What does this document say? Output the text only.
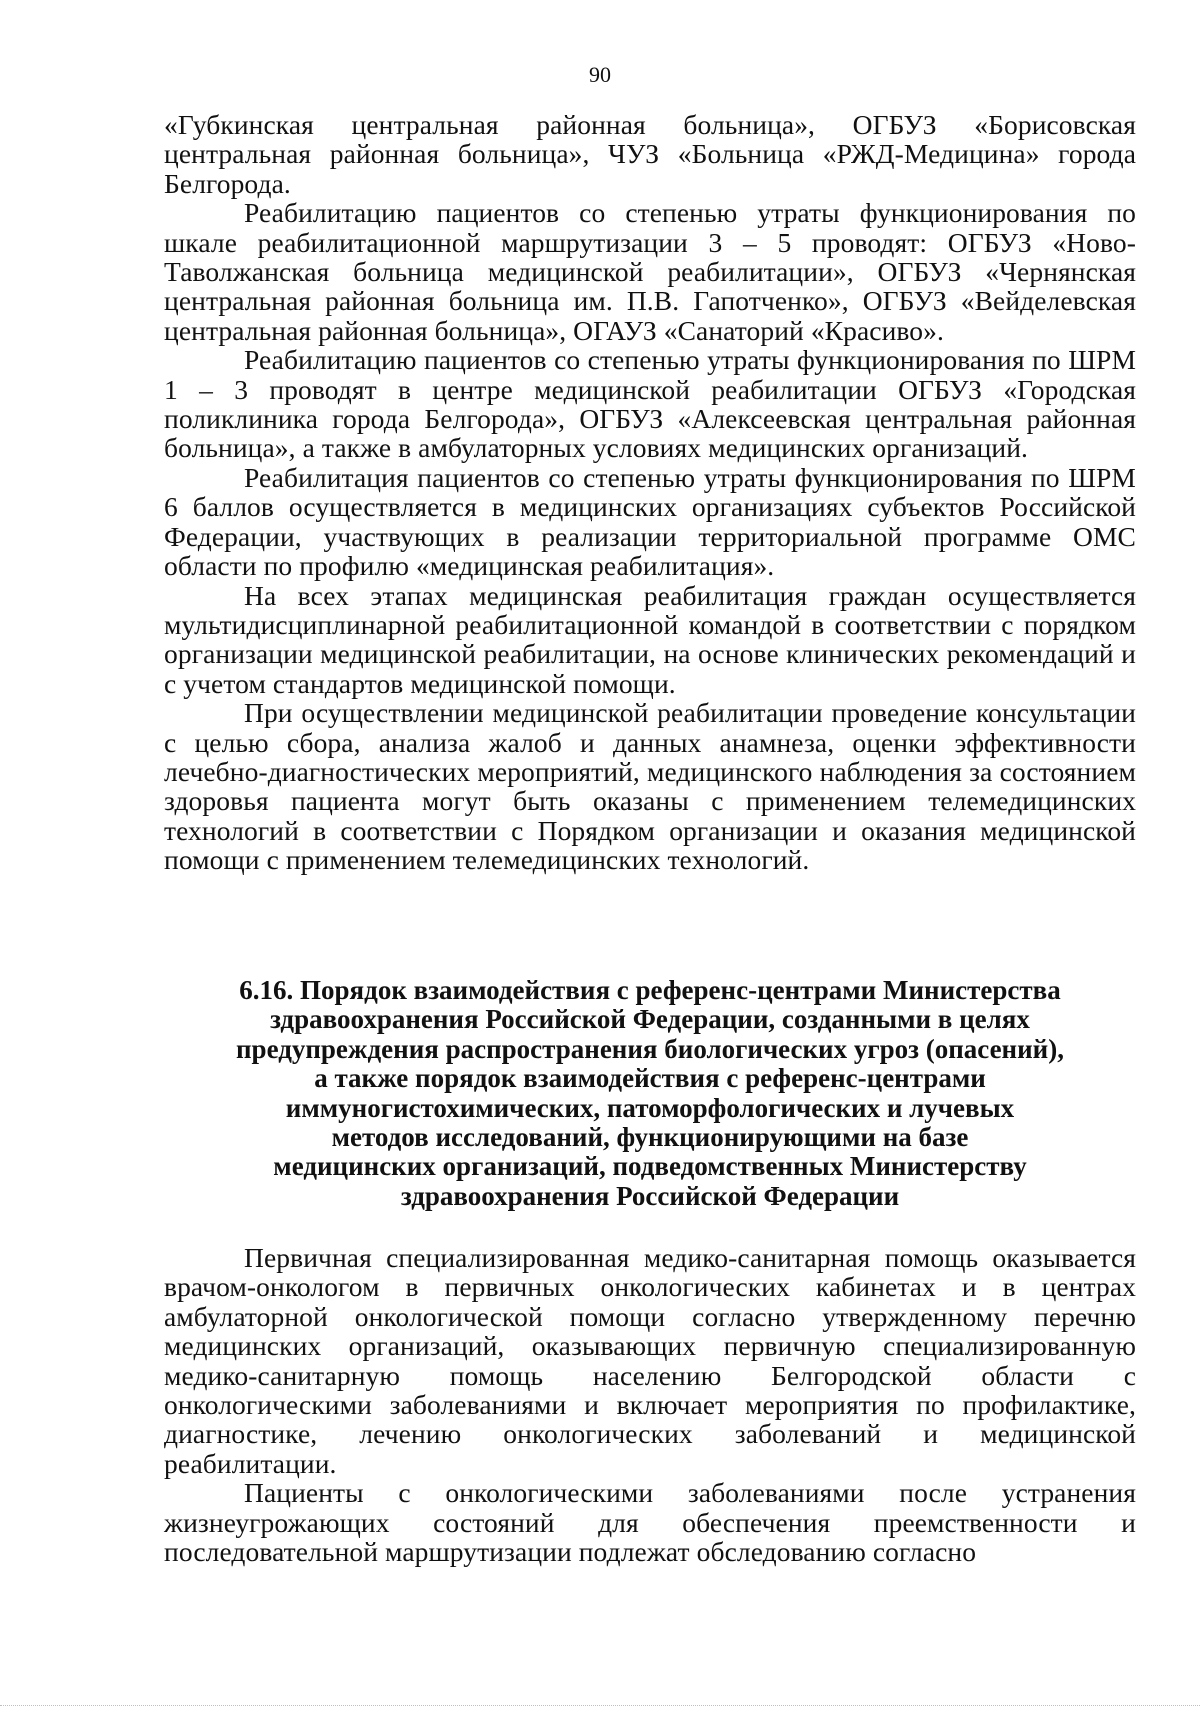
90

«Губкинская центральная районная больница», ОГБУЗ «Борисовская центральная районная больница», ЧУЗ «Больница «РЖД-Медицина» города Белгорода.

Реабилитацию пациентов со степенью утраты функционирования по шкале реабилитационной маршрутизации 3 – 5 проводят: ОГБУЗ «Ново-Таволжанская больница медицинской реабилитации», ОГБУЗ «Чернянская центральная районная больница им. П.В. Гапотченко», ОГБУЗ «Вейделевская центральная районная больница», ОГАУЗ «Санаторий «Красиво».

Реабилитацию пациентов со степенью утраты функционирования по ШРМ 1 – 3 проводят в центре медицинской реабилитации ОГБУЗ «Городская поликлиника города Белгорода», ОГБУЗ «Алексеевская центральная районная больница», а также в амбулаторных условиях медицинских организаций.

Реабилитация пациентов со степенью утраты функционирования по ШРМ 6 баллов осуществляется в медицинских организациях субъектов Российской Федерации, участвующих в реализации территориальной программе ОМС области по профилю «медицинская реабилитация».

На всех этапах медицинская реабилитация граждан осуществляется мультидисциплинарной реабилитационной командой в соответствии с порядком организации медицинской реабилитации, на основе клинических рекомендаций и с учетом стандартов медицинской помощи.

При осуществлении медицинской реабилитации проведение консультации с целью сбора, анализа жалоб и данных анамнеза, оценки эффективности лечебно-диагностических мероприятий, медицинского наблюдения за состоянием здоровья пациента могут быть оказаны с применением телемедицинских технологий в соответствии с Порядком организации и оказания медицинской помощи с применением телемедицинских технологий.

6.16. Порядок взаимодействия с референс-центрами Министерства

здравоохранения Российской Федерации, созданными в целях

предупреждения распространения биологических угроз (опасений),

а также порядок взаимодействия с референс-центрами

иммуногистохимических, патоморфологических и лучевых

методов исследований, функционирующими на базе

медицинских организаций, подведомственных Министерству

здравоохранения Российской Федерации

Первичная специализированная медико-санитарная помощь оказывается врачом-онкологом в первичных онкологических кабинетах и в центрах амбулаторной онкологической помощи согласно утвержденному перечню медицинских организаций, оказывающих первичную специализированную медико-санитарную помощь населению Белгородской области с онкологическими заболеваниями и включает мероприятия по профилактике, диагностике, лечению онкологических заболеваний и медицинской реабилитации.

Пациенты с онкологическими заболеваниями после устранения жизнеугрожающих состояний для обеспечения преемственности и последовательной маршрутизации подлежат обследованию согласно
